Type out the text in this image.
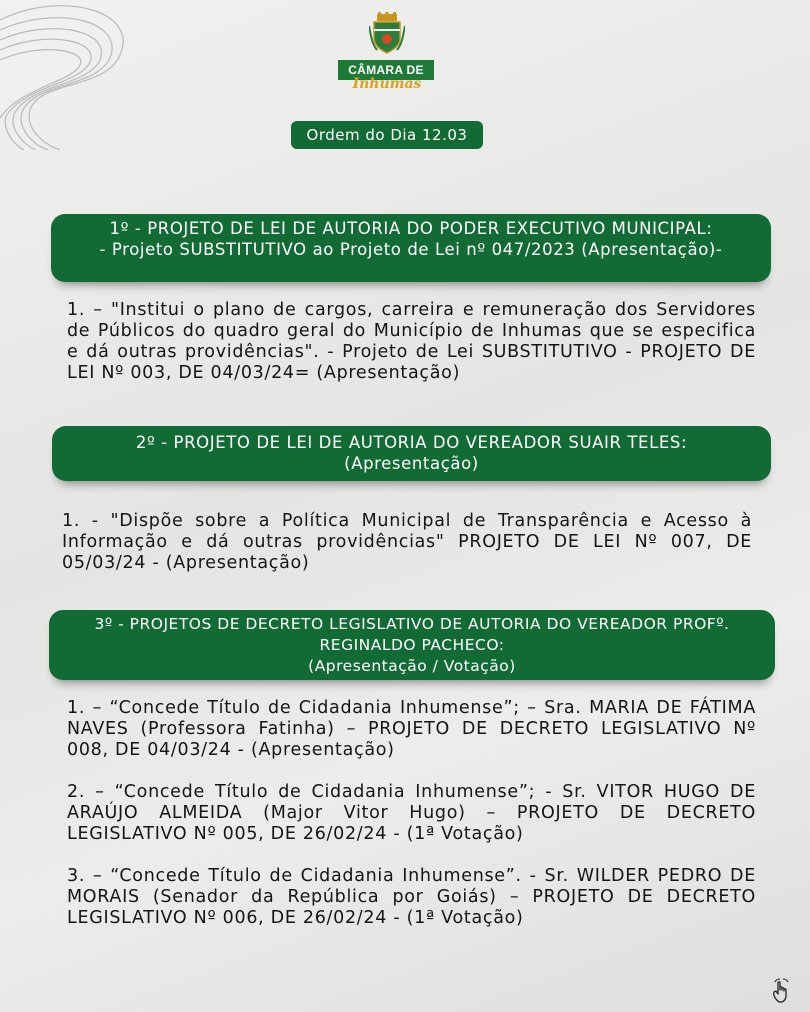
CÂMARA DE
Inhumas
Ordem do Dia 12.03
1º - PROJETO DE LEI DE AUTORIA DO PODER EXECUTIVO MUNICIPAL:
- Projeto SUBSTITUTIVO ao Projeto de Lei nº 047/2023 (Apresentação)-
1. – "Institui o plano de cargos, carreira e remuneração dos Servidores de Públicos do quadro geral do Município de Inhumas que se especifica e dá outras providências". - Projeto de Lei SUBSTITUTIVO - PROJETO DE LEI Nº 003, DE 04/03/24= (Apresentação)
2º - PROJETO DE LEI DE AUTORIA DO VEREADOR SUAIR TELES:
(Apresentação)
1. - "Dispõe sobre a Política Municipal de Transparência e Acesso à Informação e dá outras providências" PROJETO DE LEI Nº 007, DE 05/03/24 - (Apresentação)
3º - PROJETOS DE DECRETO LEGISLATIVO DE AUTORIA DO VEREADOR PROFº.
REGINALDO PACHECO:
(Apresentação / Votação)
1. – “Concede Título de Cidadania Inhumense”; – Sra. MARIA DE FÁTIMA NAVES (Professora Fatinha) – PROJETO DE DECRETO LEGISLATIVO Nº 008, DE 04/03/24 - (Apresentação)
2. – “Concede Título de Cidadania Inhumense”; - Sr. VITOR HUGO DE ARAÚJO ALMEIDA (Major Vitor Hugo) – PROJETO DE DECRETO LEGISLATIVO Nº 005, DE 26/02/24 - (1ª Votação)
3. – “Concede Título de Cidadania Inhumense”. - Sr. WILDER PEDRO DE MORAIS (Senador da República por Goiás) – PROJETO DE DECRETO LEGISLATIVO Nº 006, DE 26/02/24 - (1ª Votação)
